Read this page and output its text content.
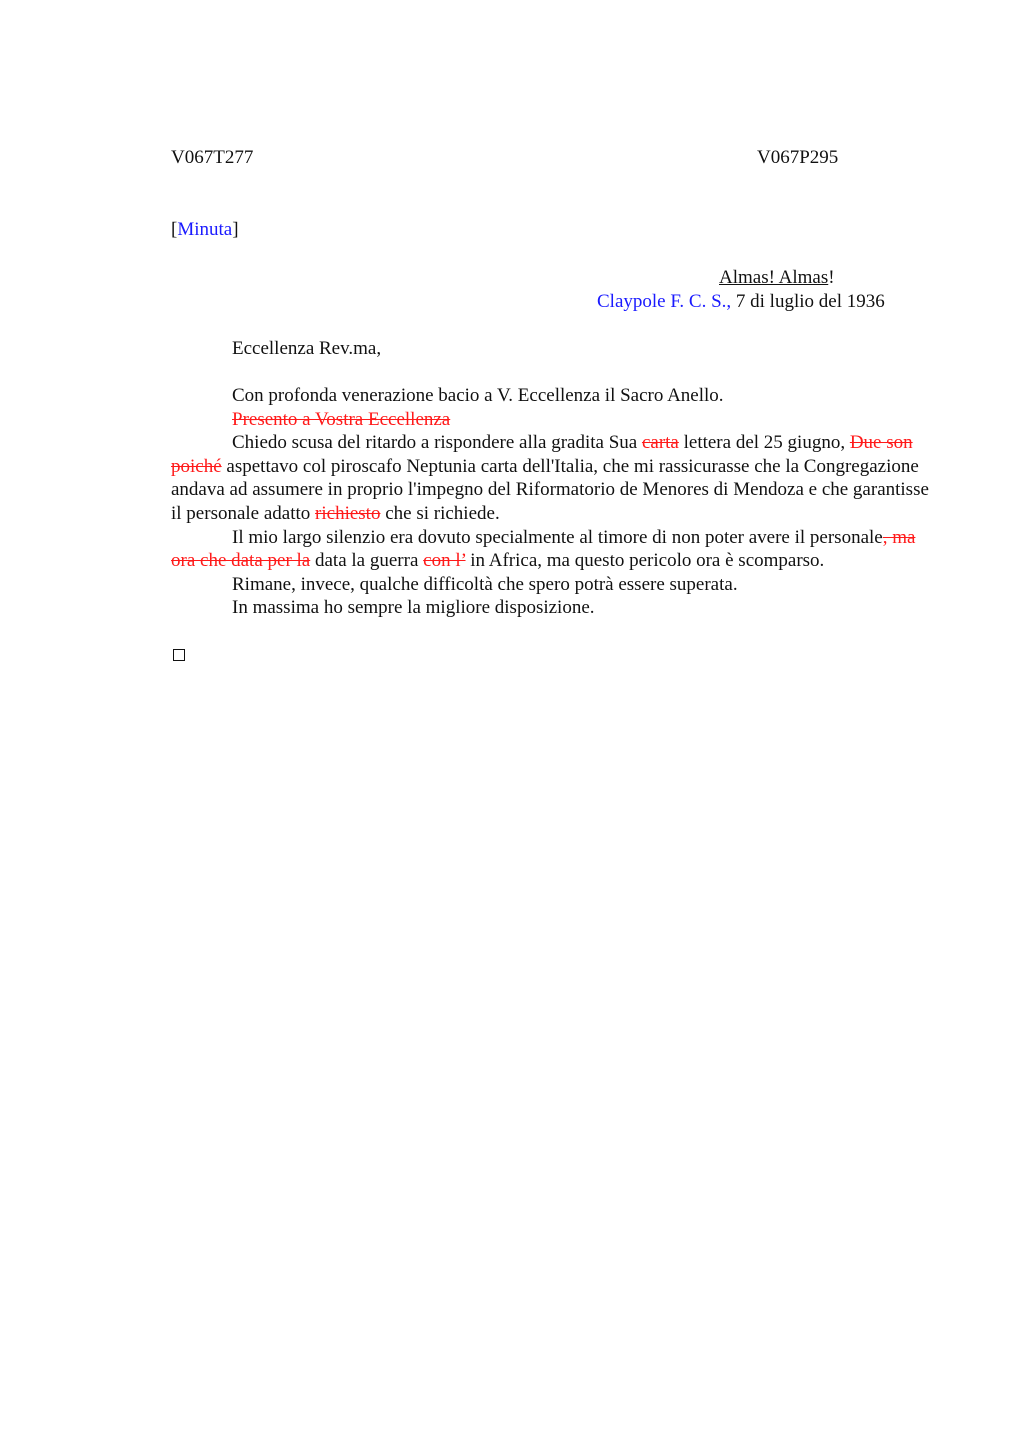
V067T277	V067P295
[Minuta]
Almas! Almas!
Claypole F. C. S., 7 di luglio del 1936
Eccellenza Rev.ma,

Con profonda venerazione bacio a V. Eccellenza il Sacro Anello.

Presento a Vostra Eccellenza

Chiedo scusa del ritardo a rispondere alla gradita Sua carta lettera del 25 giugno, Due son poiché aspettavo col piroscafo Neptunia carta dell'Italia, che mi rassicurasse che la Congregazione andava ad assumere in proprio l'impegno del Riformatorio de Menores di Mendoza e che garantisse il personale adatto richiesto che si richiede.

Il mio largo silenzio era dovuto specialmente al timore di non poter avere il personale, ma ora che data per la data la guerra con l’ in Africa, ma questo pericolo ora è scomparso.

Rimane, invece, qualche difficoltà che spero potrà essere superata.

In massima ho sempre la migliore disposizione.
